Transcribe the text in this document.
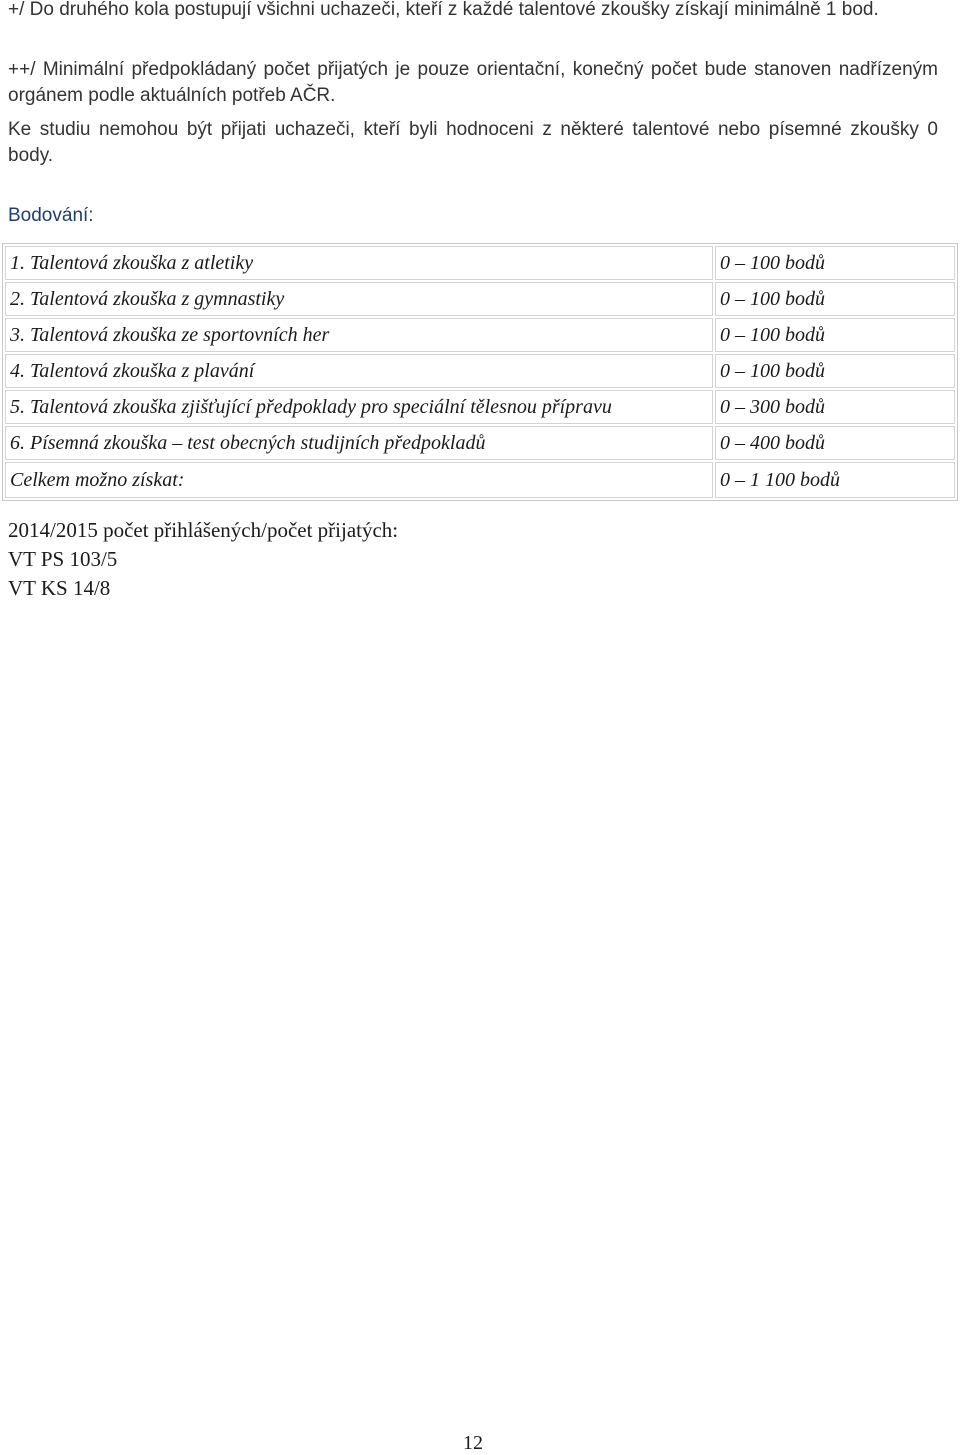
+/ Do druhého kola postupují všichni uchazeči, kteří z každé talentové zkoušky získají minimálně 1 bod.

++/ Minimální předpokládaný počet přijatých je pouze orientační, konečný počet bude stanoven nadřízeným orgánem podle aktuálních potřeb AČR.

Ke studiu nemohou být přijati uchazeči, kteří byli hodnoceni z některé talentové nebo písemné zkoušky 0 body.

Bodování:
1. Talentová zkouška z atletiky	0 – 100 bodů
2. Talentová zkouška z gymnastiky	0 – 100 bodů
3. Talentová zkouška ze sportovních her	0 – 100 bodů
4. Talentová zkouška z plavání	0 – 100 bodů
5. Talentová zkouška zjišťující předpoklady pro speciální tělesnou přípravu	0 – 300 bodů
6. Písemná zkouška – test obecných studijních předpokladů	0 – 400 bodů
Celkem možno získat:	0 – 1 100 bodů

2014/2015 počet přihlášených/počet přijatých:

VT PS 103/5

VT KS 14/8

12
